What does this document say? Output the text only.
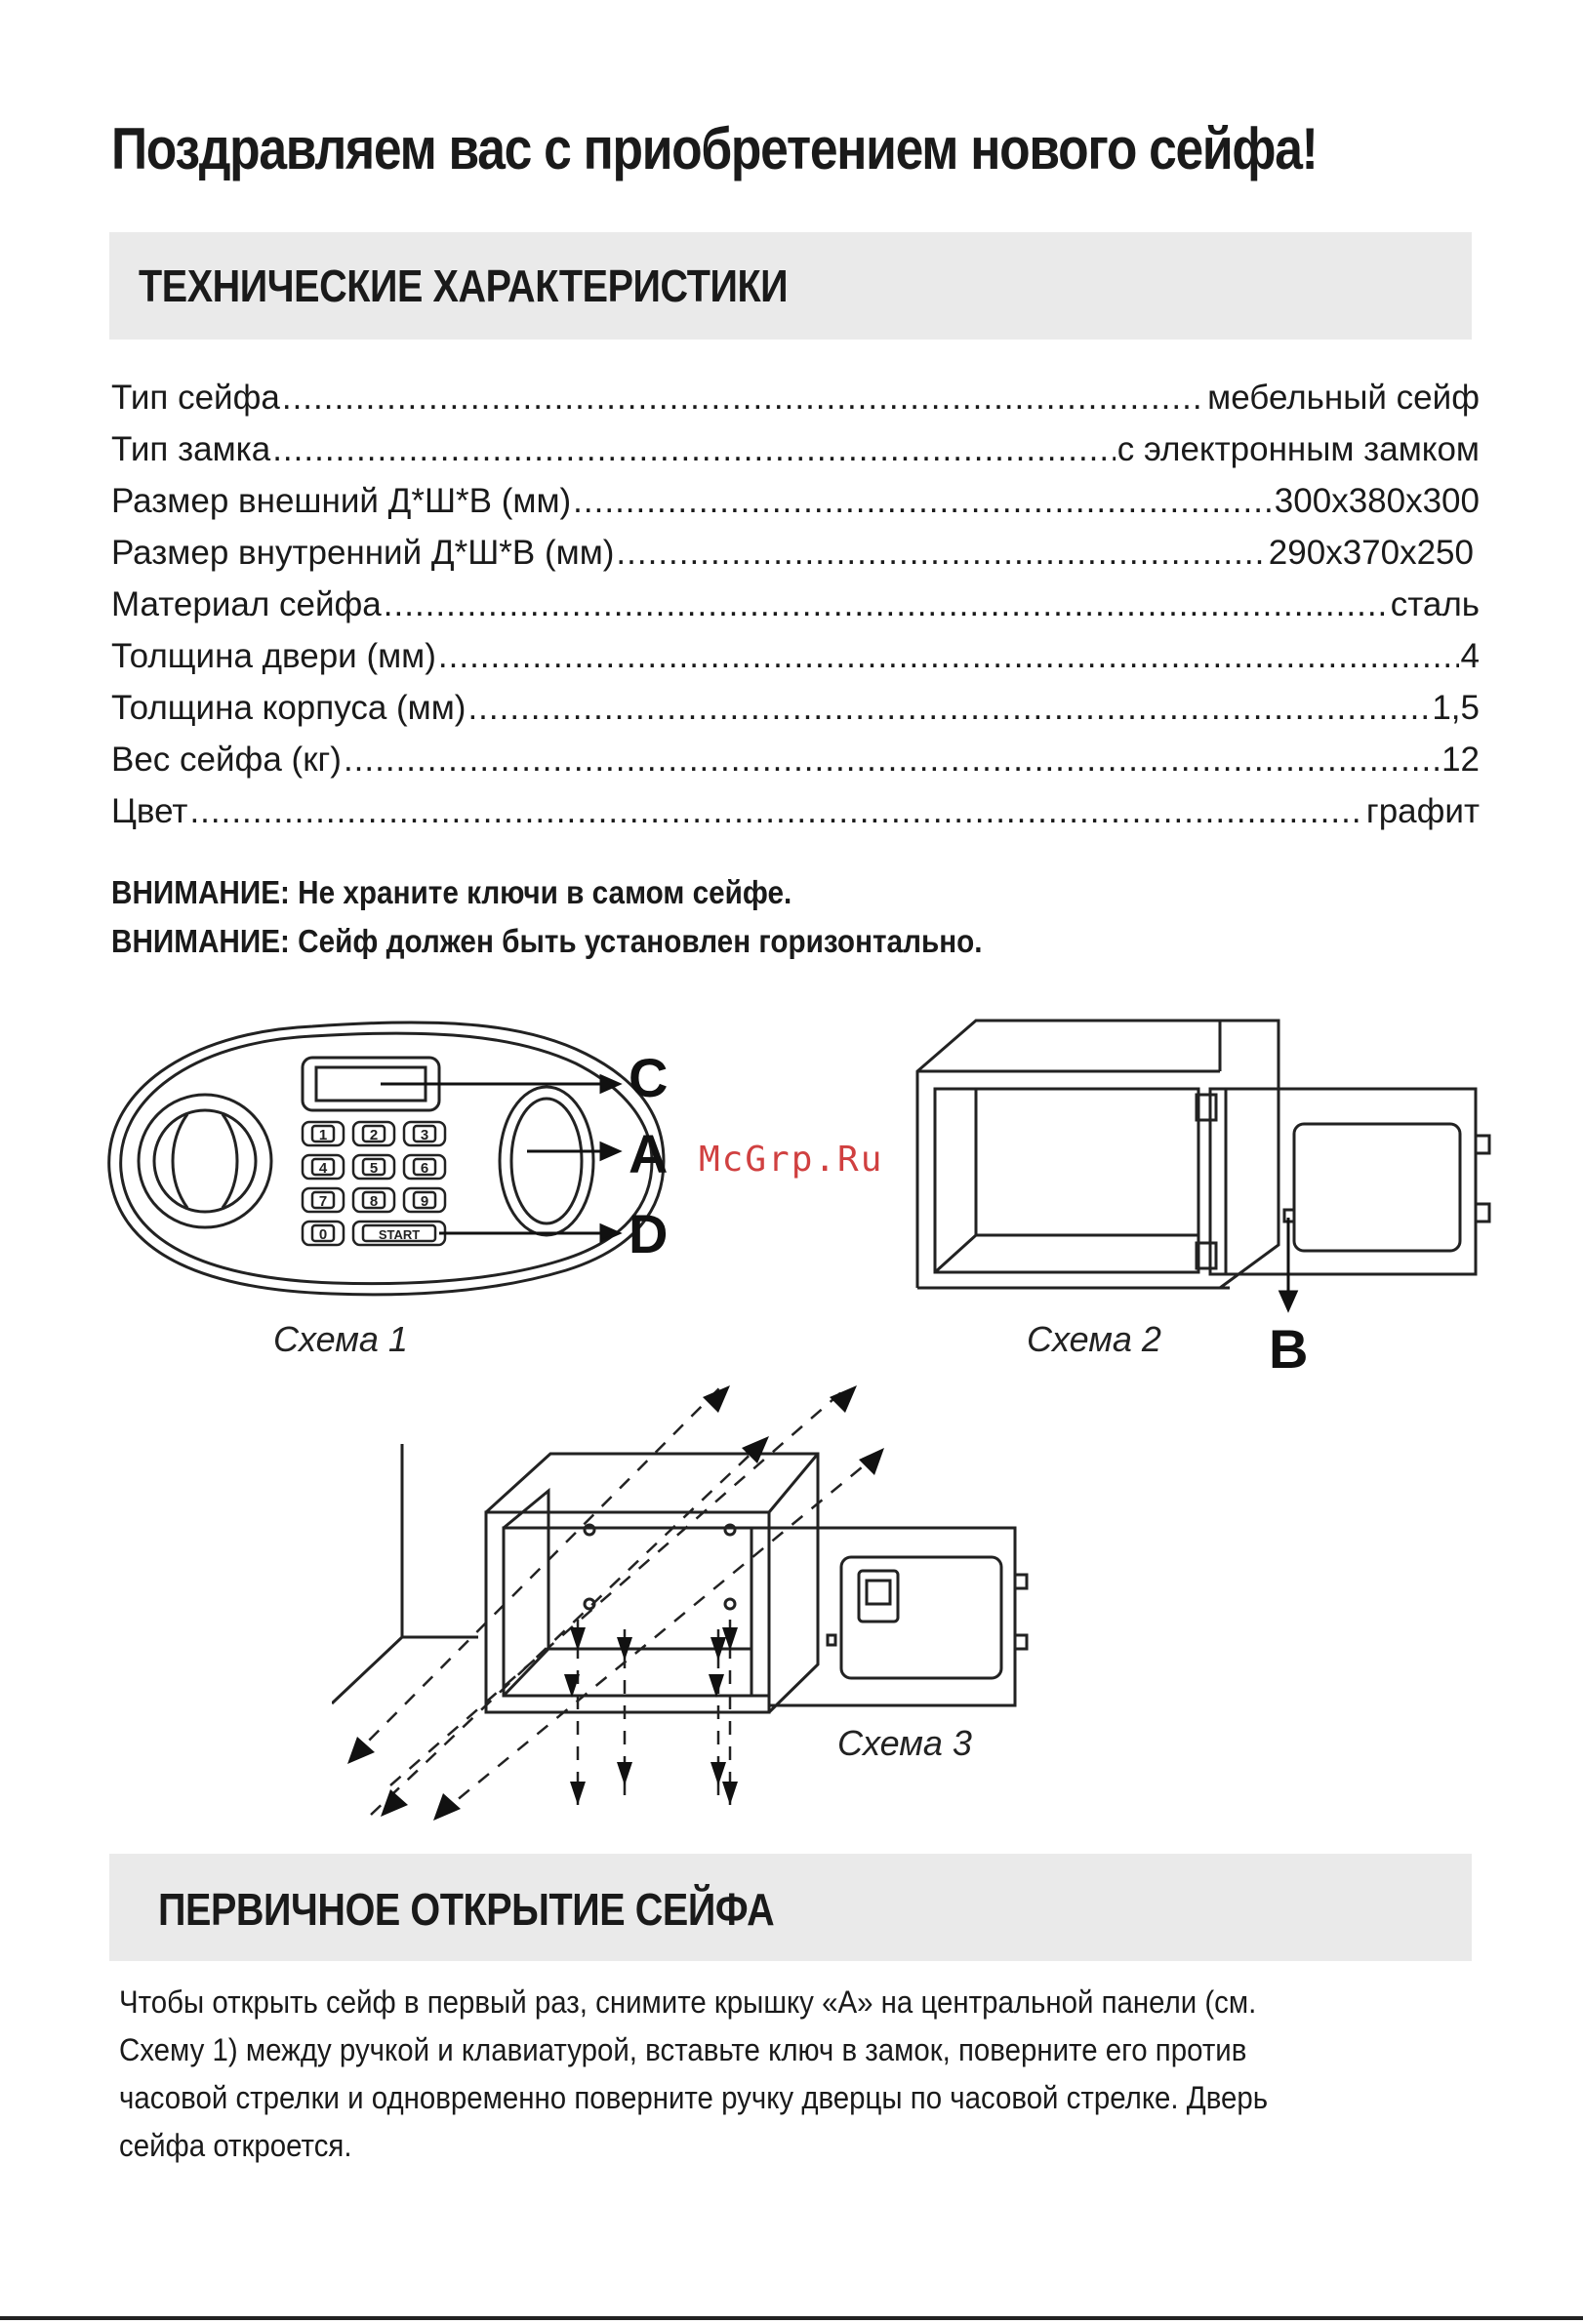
Поздравляем вас с приобретением нового сейфа!
ТЕХНИЧЕСКИЕ ХАРАКТЕРИСТИКИ
Тип сейфа .....	мебельный сейф
Тип замка .....	с электронным замком
Размер внешний Д*Ш*В (мм) .....	300x380x300
Размер внутренний Д*Ш*В (мм) .....	290x370x250
Материал сейфа .....	сталь
Толщина двери (мм) .....	4
Толщина корпуса (мм) .....	1,5
Вес сейфа (кг) .....	12
Цвет .....	графит
ВНИМАНИЕ: Не храните ключи в самом сейфе.
ВНИМАНИЕ: Сейф должен быть установлен горизонтально.
1	2	3
4	5	6
7	8	9
0	START
C
A
D
McGrp.Ru
Схема 1	B
Схема 2
Схема 3
ПЕРВИЧНОЕ ОТКРЫТИЕ СЕЙФА
Чтобы открыть сейф в первый раз, снимите крышку «А» на центральной панели (см. Схему 1) между ручкой и клавиатурой, вставьте ключ в замок, поверните его против часовой стрелки и одновременно поверните ручку дверцы по часовой стрелке. Дверь сейфа откроется.
